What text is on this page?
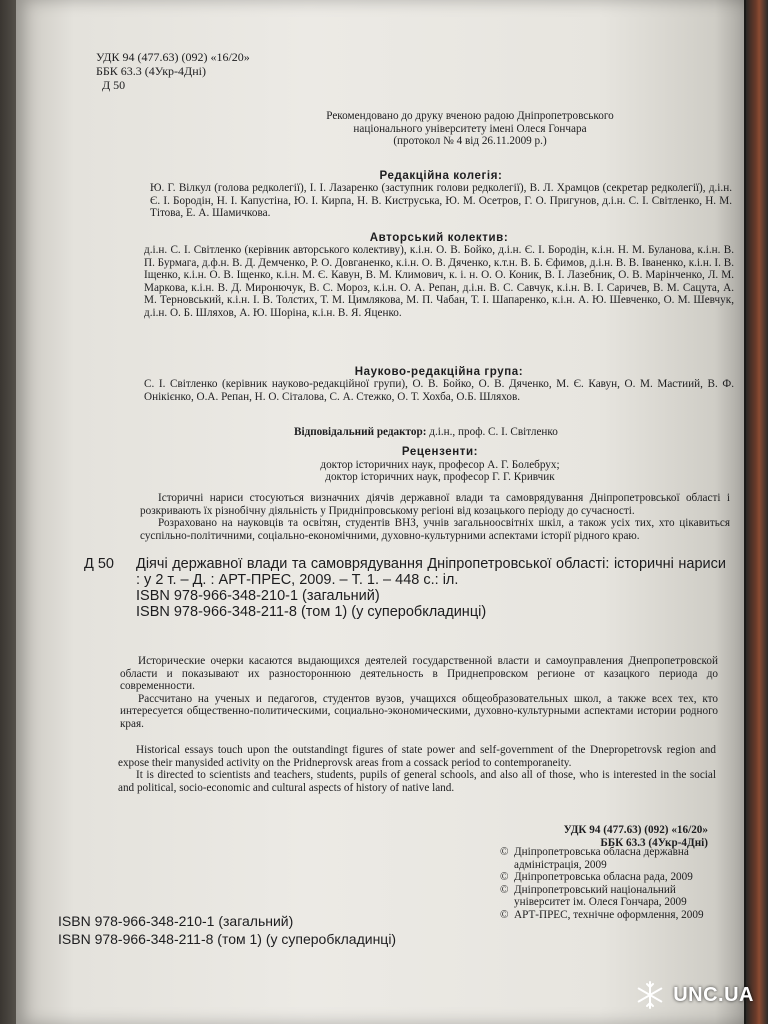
УДК 94 (477.63) (092) «16/20»
ББК 63.3 (4Укр-4Дні)
Д 50
Рекомендовано до друку вченою радою Дніпропетровського
національного університету імені Олеся Гончара
(протокол № 4 від 26.11.2009 р.)
Редакційна колегія:

Ю. Г. Вілкул (голова редколегії), І. І. Лазаренко (заступник голови редколегії), В. Л. Храмцов (секретар редколегії), д.і.н. Є. І. Бородін, Н. І. Капустіна, Ю. І. Кирпа, Н. В. Киструська, Ю. М. Осетров, Г. О. Пригунов, д.і.н. С. І. Світленко, Н. М. Тітова, Е. А. Шамичкова.

Авторський колектив:

д.і.н. С. І. Світленко (керівник авторського колективу), к.і.н. О. В. Бойко, д.і.н. Є. І. Бородін, к.і.н. Н. М. Буланова, к.і.н. В. П. Бурмага, д.ф.н. В. Д. Демченко, Р. О. Довганенко, к.і.н. О. В. Дяченко, к.т.н. В. Б. Єфимов, д.і.н. В. В. Іваненко, к.і.н. І. В. Іщенко, к.і.н. О. В. Іщенко, к.і.н. М. Є. Кавун, В. М. Климович, к. і. н. О. О. Коник, В. І. Лазебник, О. В. Марінченко, Л. М. Маркова, к.і.н. В. Д. Миронючук, В. С. Мороз, к.і.н. О. А. Репан, д.і.н. В. С. Савчук, к.і.н. В. І. Саричев, В. М. Сацута, А. М. Терновський, к.і.н. І. В. Толстих, Т. М. Цимлякова, М. П. Чабан, Т. І. Шапаренко, к.і.н. А. Ю. Шевченко, О. М. Шевчук, д.і.н. О. Б. Шляхов, А. Ю. Шоріна, к.і.н. В. Я. Яценко.

Науково-редакційна група:

С. І. Світленко (керівник науково-редакційної групи), О. В. Бойко, О. В. Дяченко, М. Є. Кавун, О. М. Мастиий, В. Ф. Онікієнко, О.А. Репан, Н. О. Сіталова, С. А. Стежко, О. Т. Хохба, О.Б. Шляхов.

Відповідальний редактор: д.і.н., проф. С. І. Світленко
Рецензенти:
доктор історичних наук, професор А. Г. Болебрух;
доктор історичних наук, професор Г. Г. Кривчик

Історичні нариси стосуються визначних діячів державної влади та самоврядування Дніпропетровської області і розкривають їх різнобічну діяльність у Придніпровському регіоні від козацького періоду до сучасності.

Розраховано на науковців та освітян, студентів ВНЗ, учнів загальноосвітніх шкіл, а також усіх тих, хто цікавиться суспільно-політичними, соціально-економічними, духовно-культурними аспектами історії рідного краю.

Д 50	Діячі державної влади та самоврядування Дніпропетровської області: історичні нариси : у 2 т. – Д. : АРТ-ПРЕС, 2009. – Т. 1. – 448 с.: іл.
ISBN 978-966-348-210-1 (загальний)
ISBN 978-966-348-211-8 (том 1) (у суперобкладинці)

Исторические очерки касаются выдающихся деятелей государственной власти и самоуправления Днепропетровской области и показывают их разностороннюю деятельность в Приднепровском регионе от казацкого периода до современности.

Рассчитано на ученых и педагогов, студентов вузов, учащихся общеобразовательных школ, а также всех тех, кто интересуется общественно-политическими, социально-экономическими, духовно-культурными аспектами истории родного края.

Historical essays touch upon the outstandingt figures of state power and self-government of the Dnepropetrovsk region and expose their manysided activity on the Pridneprovsk areas from a cossack period to contemporaneity.

It is directed to scientists and teachers, students, pupils of general schools, and also all of those, who is interested in the social and political, socio-economic and cultural aspects of history of native land.

УДК 94 (477.63) (092) «16/20»
ББК 63.3 (4Укр-4Дні)
© Дніпропетровська обласна державна адміністрація, 2009
© Дніпропетровська обласна рада, 2009
© Дніпропетровський національний університет ім. Олеся Гончара, 2009
© АРТ-ПРЕС, технічне оформлення, 2009
ISBN 978-966-348-210-1 (загальний)
ISBN 978-966-348-211-8 (том 1) (у суперобкладинці)
UNC.UA
